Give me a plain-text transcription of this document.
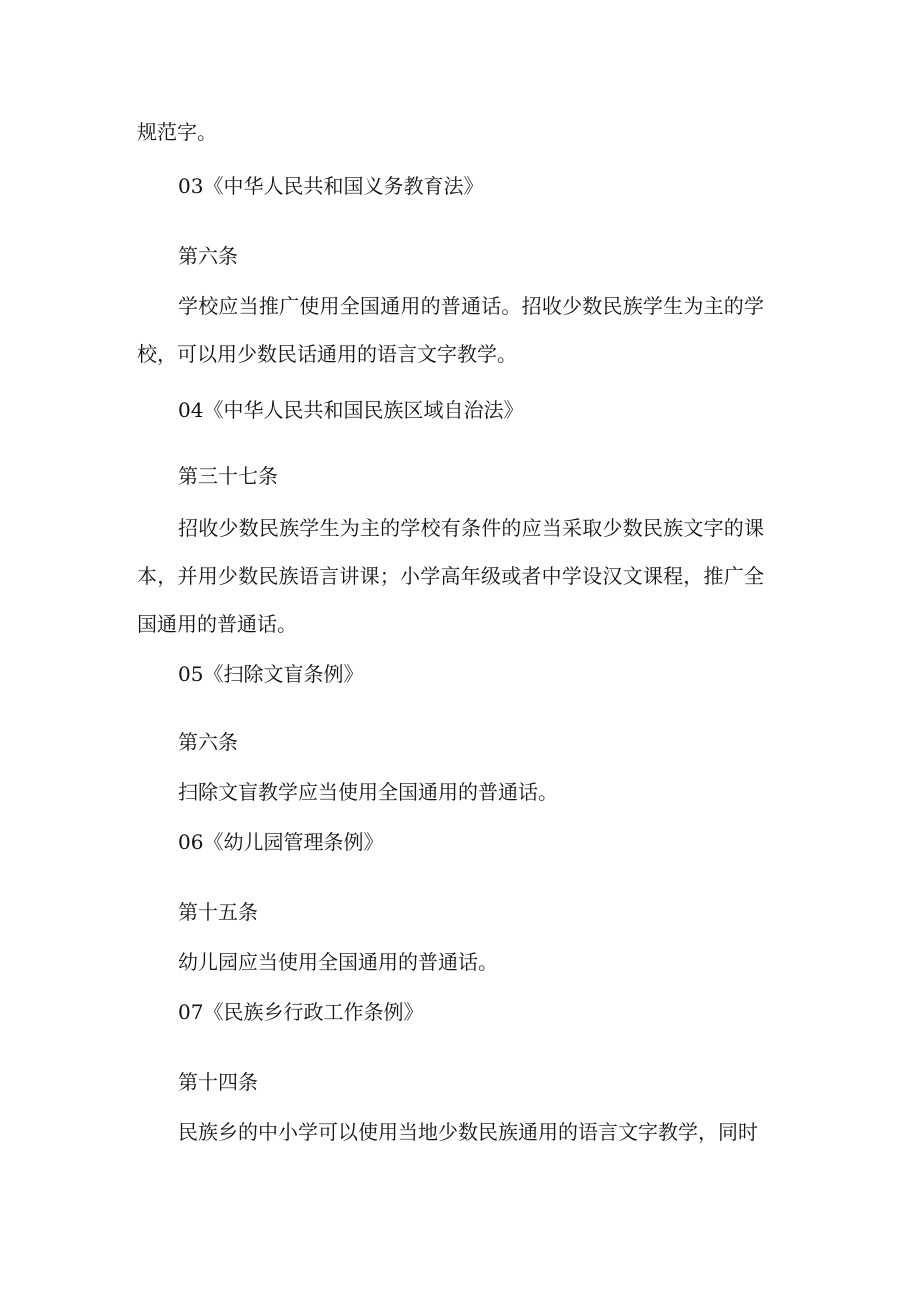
规范字。
03《中华人民共和国义务教育法》
第六条
学校应当推广使用全国通用的普通话。招收少数民族学生为主的学校，可以用少数民话通用的语言文字教学。
04《中华人民共和国民族区域自治法》
第三十七条
招收少数民族学生为主的学校有条件的应当采取少数民族文字的课本，并用少数民族语言讲课；小学高年级或者中学设汉文课程，推广全国通用的普通话。
05《扫除文盲条例》
第六条
扫除文盲教学应当使用全国通用的普通话。
06《幼儿园管理条例》
第十五条
幼儿园应当使用全国通用的普通话。
07《民族乡行政工作条例》
第十四条
民族乡的中小学可以使用当地少数民族通用的语言文字教学，同时
